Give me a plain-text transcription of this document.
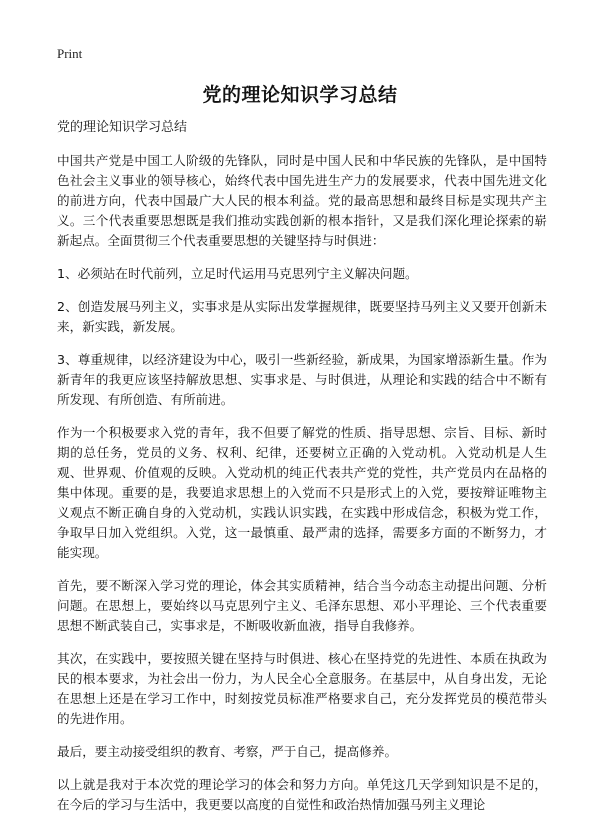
Print
党的理论知识学习总结
党的理论知识学习总结

中国共产党是中国工人阶级的先锋队，同时是中国人民和中华民族的先锋队，是中国特色社会主义事业的领导核心，始终代表中国先进生产力的发展要求，代表中国先进文化的前进方向，代表中国最广大人民的根本利益。党的最高思想和最终目标是实现共产主义。三个代表重要思想既是我们推动实践创新的根本指针，又是我们深化理论探索的崭新起点。全面贯彻三个代表重要思想的关键坚持与时俱进：

1、必须站在时代前列，立足时代运用马克思列宁主义解决问题。

2、创造发展马列主义，实事求是从实际出发掌握规律，既要坚持马列主义又要开创新未来，新实践，新发展。

3、尊重规律，以经济建设为中心，吸引一些新经验，新成果，为国家增添新生量。作为新青年的我更应该坚持解放思想、实事求是、与时俱进，从理论和实践的结合中不断有所发现、有所创造、有所前进。

作为一个积极要求入党的青年，我不但要了解党的性质、指导思想、宗旨、目标、新时期的总任务，党员的义务、权利、纪律，还要树立正确的入党动机。入党动机是人生观、世界观、价值观的反映。入党动机的纯正代表共产党的党性，共产党员内在品格的集中体现。重要的是，我要追求思想上的入党而不只是形式上的入党，要按辩证唯物主义观点不断正确自身的入党动机，实践认识实践，在实践中形成信念，积极为党工作，争取早日加入党组织。入党，这一最慎重、最严肃的选择，需要多方面的不断努力，才能实现。

首先，要不断深入学习党的理论，体会其实质精神，结合当今动态主动提出问题、分析问题。在思想上，要始终以马克思列宁主义、毛泽东思想、邓小平理论、三个代表重要思想不断武装自己，实事求是，不断吸收新血液，指导自我修养。

其次，在实践中，要按照关键在坚持与时俱进、核心在坚持党的先进性、本质在执政为民的根本要求，为社会出一份力，为人民全心全意服务。在基层中，从自身出发，无论在思想上还是在学习工作中，时刻按党员标准严格要求自己，充分发挥党员的模范带头的先进作用。

最后，要主动接受组织的教育、考察，严于自己，提高修养。

以上就是我对于本次党的理论学习的体会和努力方向。单凭这几天学到知识是不足的，在今后的学习与生活中，我更要以高度的自觉性和政治热情加强马列主义理论
